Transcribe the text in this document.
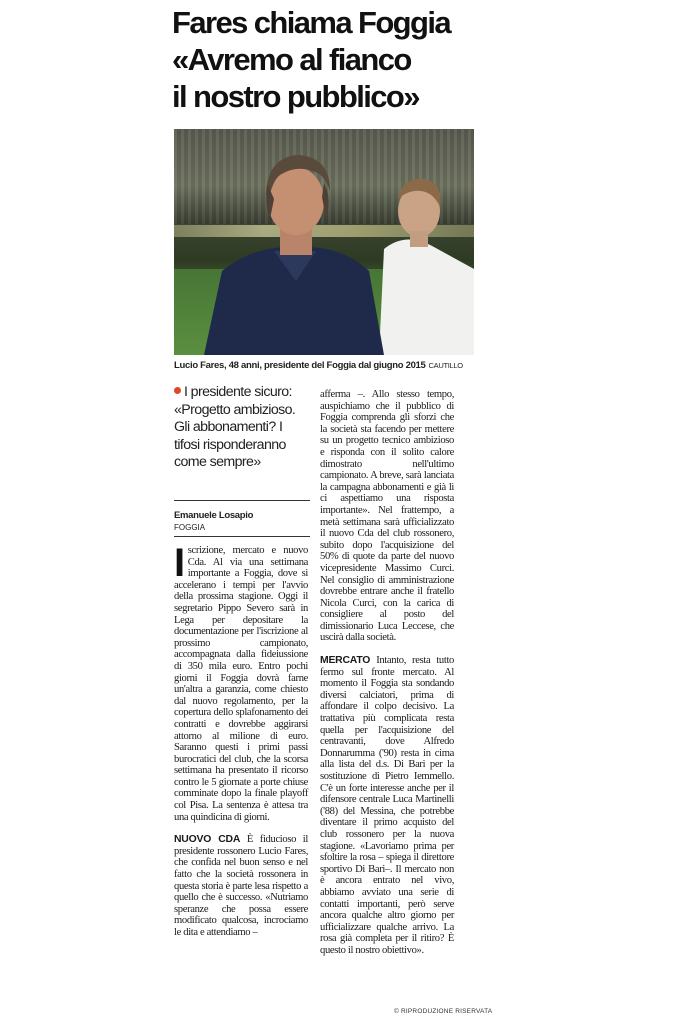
Fares chiama Foggia
«Avremo al fianco
il nostro pubblico»
Lucio Fares, 48 anni, presidente del Foggia dal giugno 2015 CAUTILLO
I presidente sicuro: «Progetto ambizioso. Gli abbonamenti? I tifosi risponderanno come sempre»
Emanuele Losapio
FOGGIA

Iscrizione, mercato e nuovo Cda. Al via una settimana importante a Foggia, dove si accelerano i tempi per l'avvio della prossima stagione. Oggi il segretario Pippo Severo sarà in Lega per depositare la documentazione per l'iscrizione al prossimo campionato, accompagnata dalla fideiussione di 350 mila euro. Entro pochi giorni il Foggia dovrà farne un'altra a garanzia, come chiesto dal nuovo regolamento, per la copertura dello splafonamento dei contratti e dovrebbe aggirarsi attorno al milione di euro. Saranno questi i primi passi burocratici del club, che la scorsa settimana ha presentato il ricorso contro le 5 giornate a porte chiuse comminate dopo la finale playoff col Pisa. La sentenza è attesa tra una quindicina di giorni.

NUOVO CDA È fiducioso il presidente rossonero Lucio Fares, che confida nel buon senso e nel fatto che la società rossonera in questa storia è parte lesa rispetto a quello che è successo. «Nutriamo speranze che possa essere modificato qualcosa, incrociamo le dita e attendiamo –

afferma –. Allo stesso tempo, auspichiamo che il pubblico di Foggia comprenda gli sforzi che la società sta facendo per mettere su un progetto tecnico ambizioso e risponda con il solito calore dimostrato nell'ultimo campionato. A breve, sarà lanciata la campagna abbonamenti e già lì ci aspettiamo una risposta importante». Nel frattempo, a metà settimana sarà ufficializzato il nuovo Cda del club rossonero, subito dopo l'acquisizione del 50% di quote da parte del nuovo vicepresidente Massimo Curci. Nel consiglio di amministrazione dovrebbe entrare anche il fratello Nicola Curci, con la carica di consigliere al posto del dimissionario Luca Leccese, che uscirà dalla società.

MERCATO Intanto, resta tutto fermo sul fronte mercato. Al momento il Foggia sta sondando diversi calciatori, prima di affondare il colpo decisivo. La trattativa più complicata resta quella per l'acquisizione del centravanti, dove Alfredo Donnarumma ('90) resta in cima alla lista del d.s. Di Bari per la sostituzione di Pietro Iemmello. C'è un forte interesse anche per il difensore centrale Luca Martinelli ('88) del Messina, che potrebbe diventare il primo acquisto del club rossonero per la nuova stagione. «Lavoriamo prima per sfoltire la rosa – spiega il direttore sportivo Di Bari–. Il mercato non è ancora entrato nel vivo, abbiamo avviato una serie di contatti importanti, però serve ancora qualche altro giorno per ufficializzare qualche arrivo. La rosa già completa per il ritiro? È questo il nostro obiettivo».

© RIPRODUZIONE RISERVATA
